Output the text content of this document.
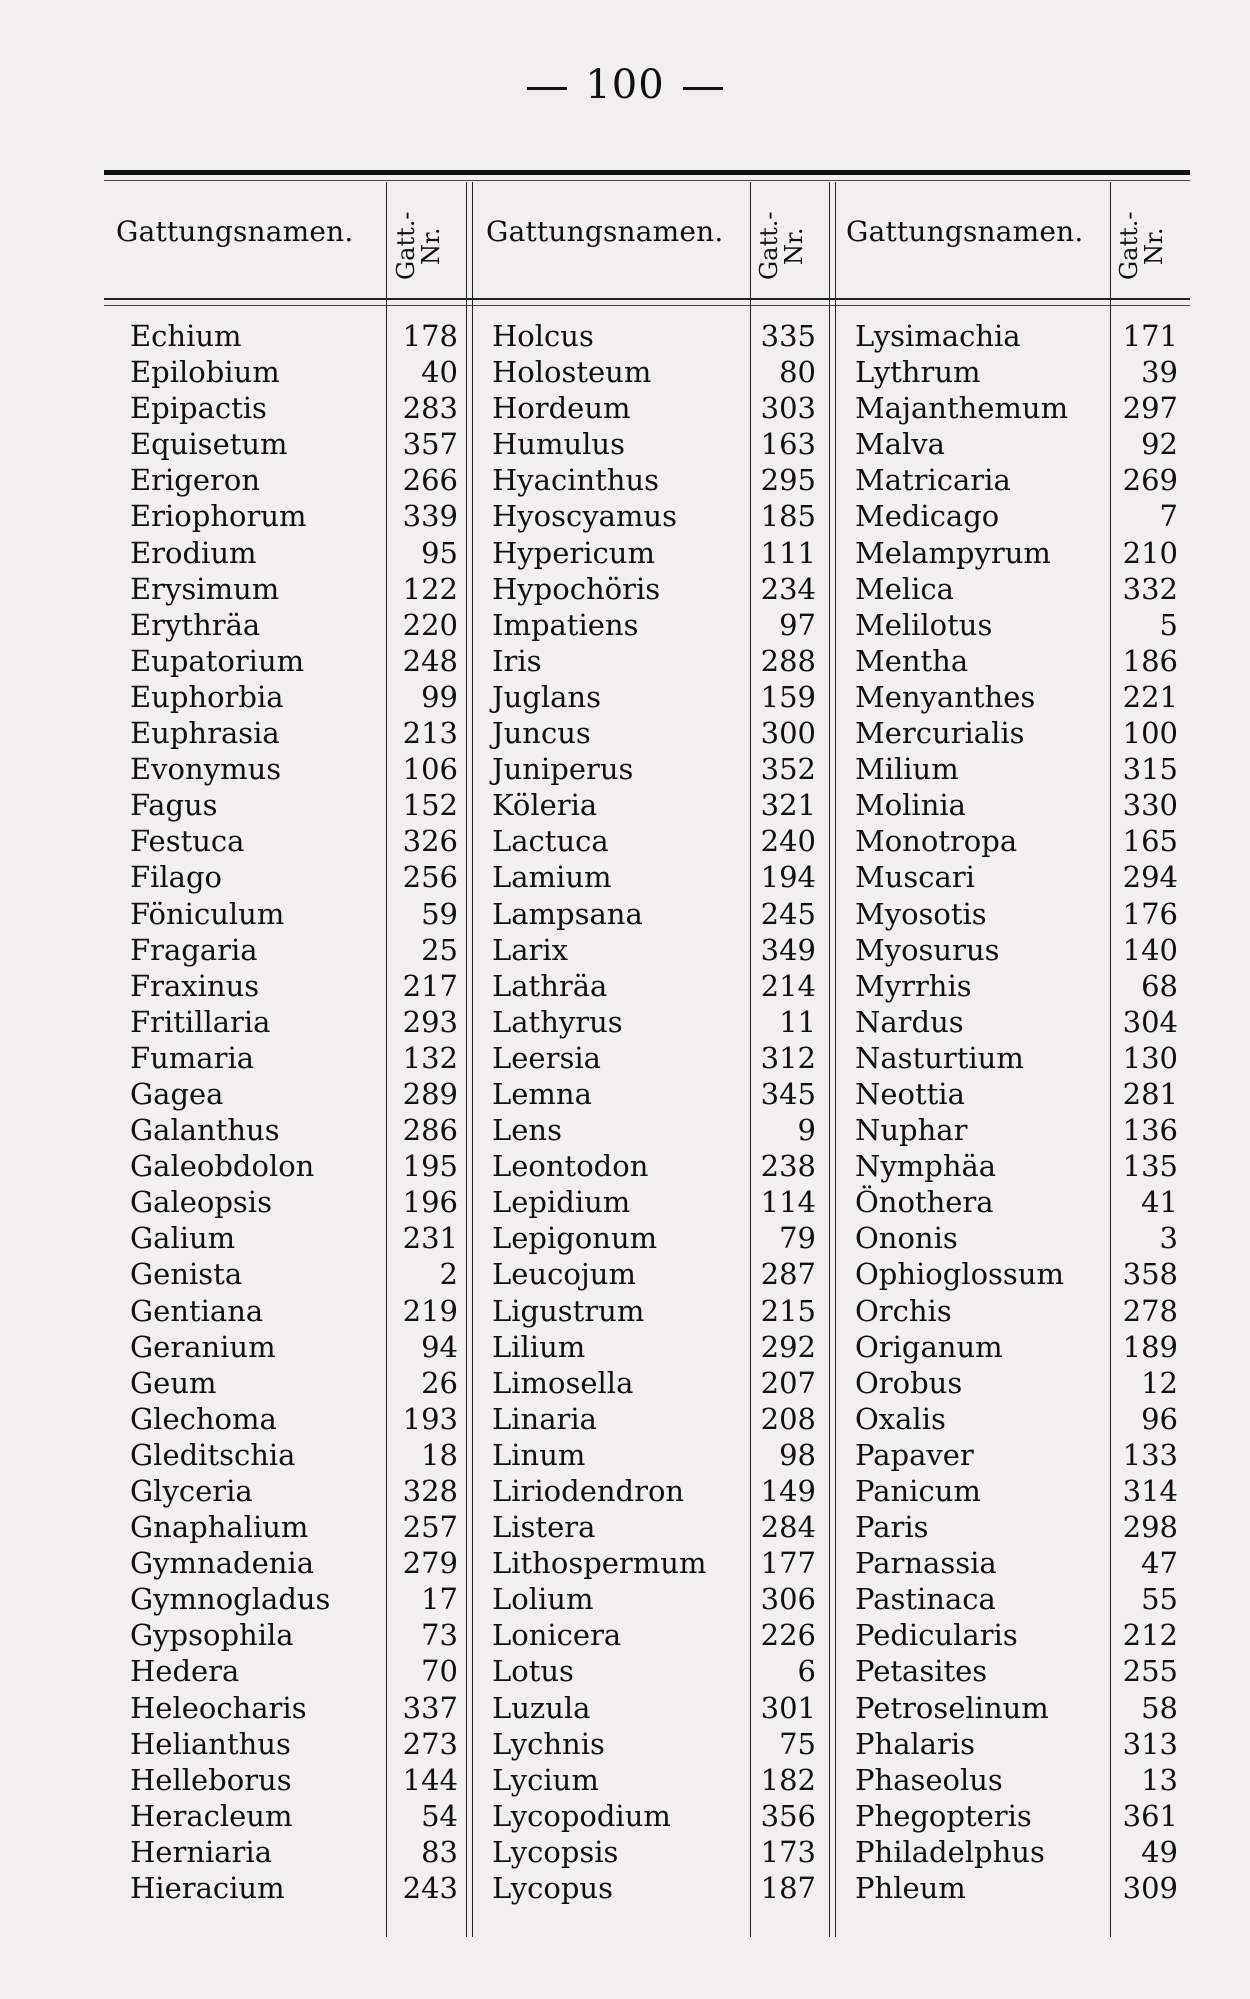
100
Gattungsnamen. Gatt.-Nr. Gattungsnamen. Gatt.-Nr. Gattungsnamen. Gatt.-Nr.
Echium	178
Epilobium	40
Epipactis	283
Equisetum	357
Erigeron	266
Eriophorum	339
Erodium	95
Erysimum	122
Erythräa	220
Eupatorium	248
Euphorbia	99
Euphrasia	213
Evonymus	106
Fagus	152
Festuca	326
Filago	256
Föniculum	59
Fragaria	25
Fraxinus	217
Fritillaria	293
Fumaria	132
Gagea	289
Galanthus	286
Galeobdolon	195
Galeopsis	196
Galium	231
Genista	2
Gentiana	219
Geranium	94
Geum	26
Glechoma	193
Gleditschia	18
Glyceria	328
Gnaphalium	257
Gymnadenia	279
Gymnogladus	17
Gypsophila	73
Hedera	70
Heleocharis	337
Helianthus	273
Helleborus	144
Heracleum	54
Herniaria	83
Hieracium	243
Holcus	335
Holosteum	80
Hordeum	303
Humulus	163
Hyacinthus	295
Hyoscyamus	185
Hypericum	111
Hypochöris	234
Impatiens	97
Iris	288
Juglans	159
Juncus	300
Juniperus	352
Köleria	321
Lactuca	240
Lamium	194
Lampsana	245
Larix	349
Lathräa	214
Lathyrus	11
Leersia	312
Lemna	345
Lens	9
Leontodon	238
Lepidium	114
Lepigonum	79
Leucojum	287
Ligustrum	215
Lilium	292
Limosella	207
Linaria	208
Linum	98
Liriodendron	149
Listera	284
Lithospermum 177
Lolium	306
Lonicera	226
Lotus	6
Luzula	301
Lychnis	75
Lycium	182
Lycopodium	356
Lycopsis	173
Lycopus	187
Lysimachia	171
Lythrum	39
Majanthemum 297
Malva	92
Matricaria	269
Medicago	7
Melampyrum 210
Melica	332
Melilotus	5
Mentha	186
Menyanthes	221
Mercurialis	100
Milium	315
Molinia	330
Monotropa	165
Muscari	294
Myosotis	176
Myosurus	140
Myrrhis	68
Nardus	304
Nasturtium	130
Neottia	281
Nuphar	136
Nymphäa	135
Önothera	41
Ononis	3
Ophioglossum 358
Orchis	278
Origanum	189
Orobus	12
Oxalis	96
Papaver	133
Panicum	314
Paris	298
Parnassia	47
Pastinaca	55
Pedicularis	212
Petasites	255
Petroselinum	58
Phalaris	313
Phaseolus	13
Phegopteris	361
Philadelphus	49
Phleum	309
